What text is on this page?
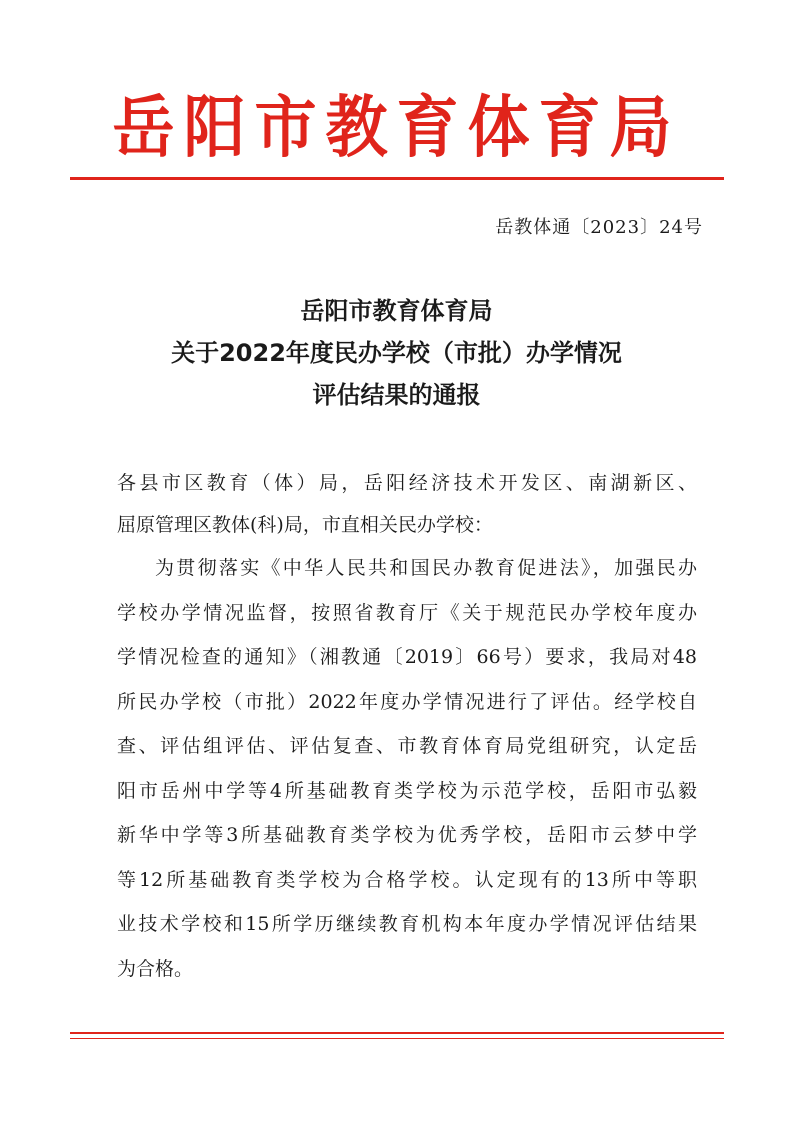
岳阳市教育体育局
岳教体通〔2023〕24号
岳阳市教育体育局
关于2022年度民办学校（市批）办学情况
评估结果的通报
各县市区教育（体）局，岳阳经济技术开发区、南湖新区、
屈原管理区教体(科)局，市直相关民办学校：
为贯彻落实《中华人民共和国民办教育促进法》，加强民办
学校办学情况监督，按照省教育厅《关于规范民办学校年度办
学情况检查的通知》（湘教通〔2019〕66号）要求，我局对48
所民办学校（市批）2022年度办学情况进行了评估。经学校自
查、评估组评估、评估复查、市教育体育局党组研究，认定岳
阳市岳州中学等4所基础教育类学校为示范学校，岳阳市弘毅
新华中学等3所基础教育类学校为优秀学校，岳阳市云梦中学
等12所基础教育类学校为合格学校。认定现有的13所中等职
业技术学校和15所学历继续教育机构本年度办学情况评估结果
为合格。
